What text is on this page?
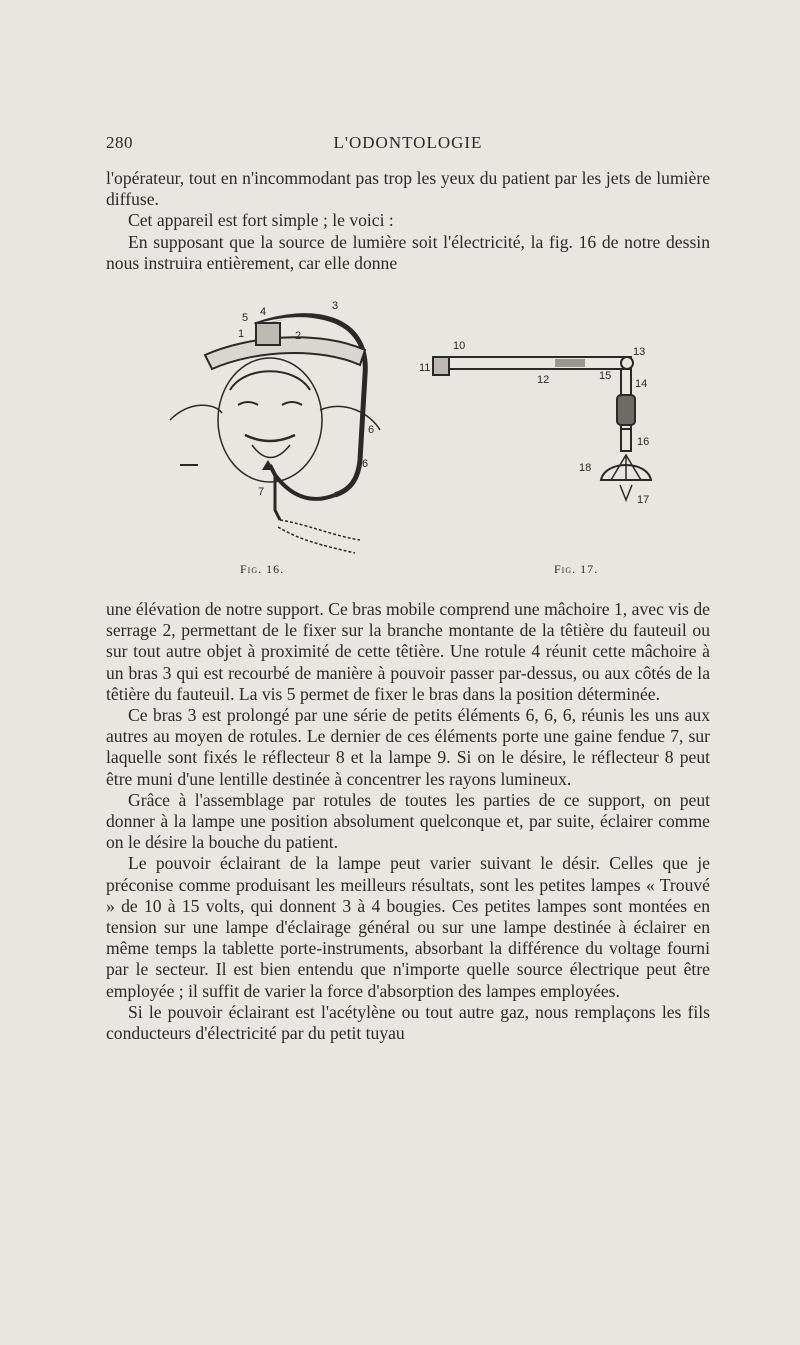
280	L'ODONTOLOGIE

l'opérateur, tout en n'incommodant pas trop les yeux du patient par les jets de lumière diffuse.

Cet appareil est fort simple ; le voici :

En supposant que la source de lumière soit l'électricité, la fig. 16 de notre dessin nous instruira entièrement, car elle donne

5
1	2
3
4
6
6
7
10
11
12
13
14
15
16
17
18
Fig. 16.	Fig. 17.

une élévation de notre support. Ce bras mobile comprend une mâchoire 1, avec vis de serrage 2, permettant de le fixer sur la branche montante de la têtière du fauteuil ou sur tout autre objet à proximité de cette têtière. Une rotule 4 réunit cette mâchoire à un bras 3 qui est recourbé de manière à pouvoir passer par-dessus, ou aux côtés de la têtière du fauteuil. La vis 5 permet de fixer le bras dans la position déterminée.

Ce bras 3 est prolongé par une série de petits éléments 6, 6, 6, réunis les uns aux autres au moyen de rotules. Le dernier de ces éléments porte une gaine fendue 7, sur laquelle sont fixés le réflecteur 8 et la lampe 9. Si on le désire, le réflecteur 8 peut être muni d'une lentille destinée à concentrer les rayons lumineux.

Grâce à l'assemblage par rotules de toutes les parties de ce support, on peut donner à la lampe une position absolument quelconque et, par suite, éclairer comme on le désire la bouche du patient.

Le pouvoir éclairant de la lampe peut varier suivant le désir. Celles que je préconise comme produisant les meilleurs résultats, sont les petites lampes « Trouvé » de 10 à 15 volts, qui donnent 3 à 4 bougies. Ces petites lampes sont montées en tension sur une lampe d'éclairage général ou sur une lampe destinée à éclairer en même temps la tablette porte-instruments, absorbant la différence du voltage fourni par le secteur. Il est bien entendu que n'importe quelle source électrique peut être employée ; il suffit de varier la force d'absorption des lampes employées.

Si le pouvoir éclairant est l'acétylène ou tout autre gaz, nous remplaçons les fils conducteurs d'électricité par du petit tuyau
